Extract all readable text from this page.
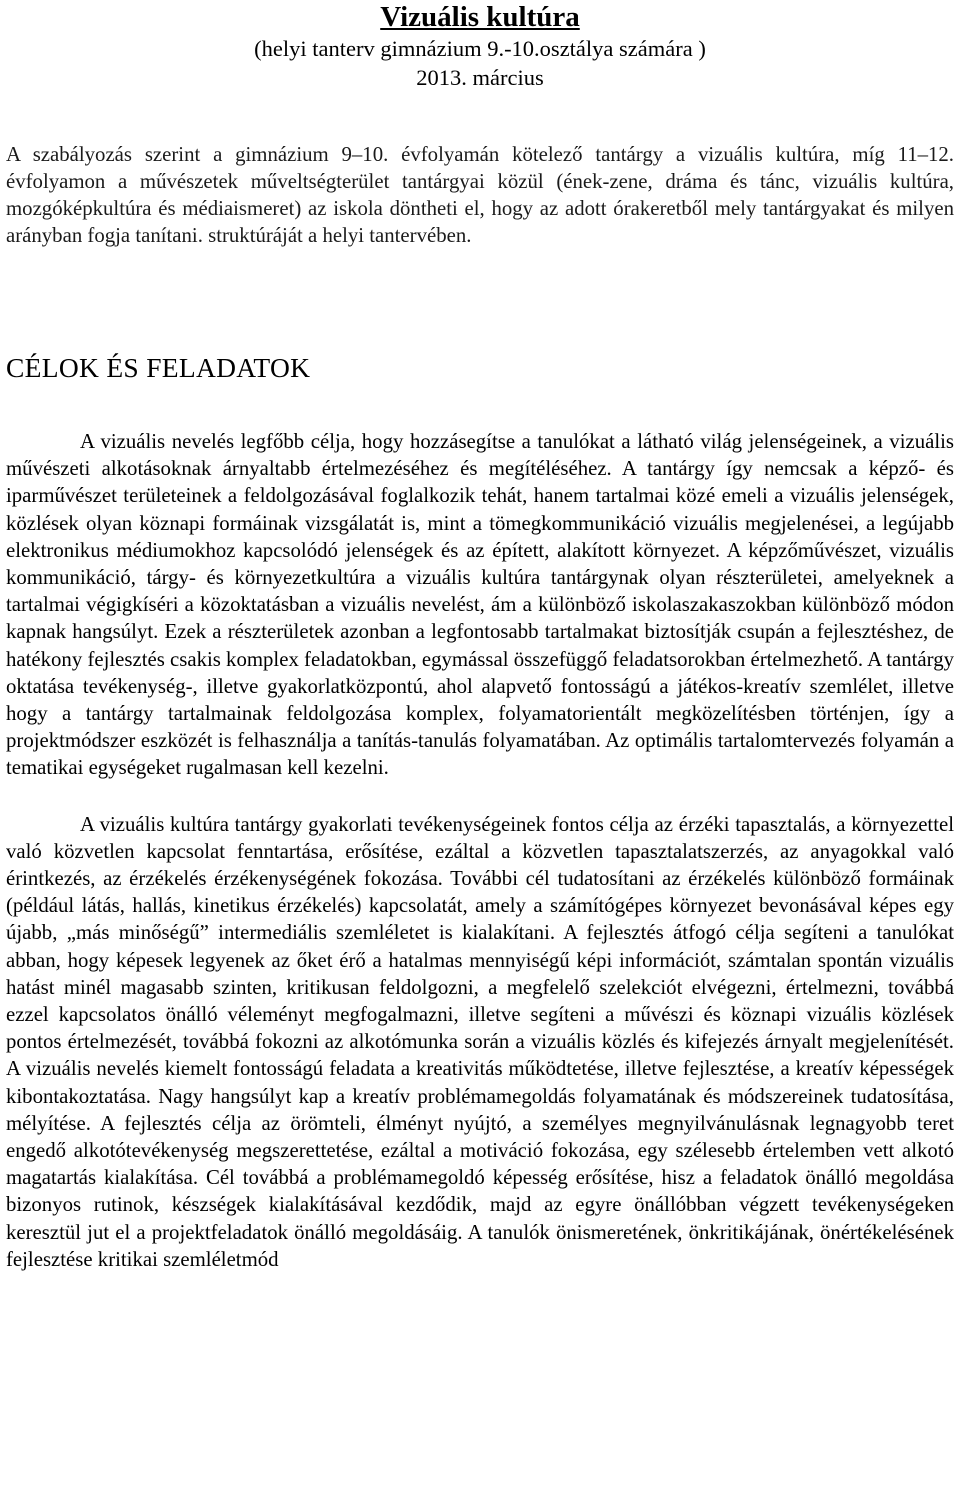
Vizuális kultúra

(helyi tanterv gimnázium 9.-10.osztálya számára )

2013. március

A szabályozás szerint a gimnázium 9–10. évfolyamán kötelező tantárgy a vizuális kultúra, míg 11–12. évfolyamon a művészetek műveltségterület tantárgyai közül (ének-zene, dráma és tánc, vizuális kultúra, mozgóképkultúra és médiaismeret) az iskola döntheti el, hogy az adott órakeretből mely tantárgyakat és milyen arányban fogja tanítani. struktúráját a helyi tantervében.

CÉLOK ÉS FELADATOK

A vizuális nevelés legfőbb célja, hogy hozzásegítse a tanulókat a látható világ jelenségeinek, a vizuális művészeti alkotásoknak árnyaltabb értelmezéséhez és megítéléséhez. A tantárgy így nemcsak a képző- és iparművészet területeinek a feldolgozásával foglalkozik tehát, hanem tartalmai közé emeli a vizuális jelenségek, közlések olyan köznapi formáinak vizsgálatát is, mint a tömegkommunikáció vizuális megjelenései, a legújabb elektronikus médiumokhoz kapcsolódó jelenségek és az épített, alakított környezet. A képzőművészet, vizuális kommunikáció, tárgy- és környezetkultúra a vizuális kultúra tantárgynak olyan részterületei, amelyeknek a tartalmai végigkíséri a közoktatásban a vizuális nevelést, ám a különböző iskolaszakaszokban különböző módon kapnak hangsúlyt. Ezek a részterületek azonban a legfontosabb tartalmakat biztosítják csupán a fejlesztéshez, de hatékony fejlesztés csakis komplex feladatokban, egymással összefüggő feladatsorokban értelmezhető. A tantárgy oktatása tevékenység-, illetve gyakorlatközpontú, ahol alapvető fontosságú a játékos-kreatív szemlélet, illetve hogy a tantárgy tartalmainak feldolgozása komplex, folyamatorientált megközelítésben történjen, így a projektmódszer eszközét is felhasználja a tanítás-tanulás folyamatában. Az optimális tartalomtervezés folyamán a tematikai egységeket rugalmasan kell kezelni.

A vizuális kultúra tantárgy gyakorlati tevékenységeinek fontos célja az érzéki tapasztalás, a környezettel való közvetlen kapcsolat fenntartása, erősítése, ezáltal a közvetlen tapasztalatszerzés, az anyagokkal való érintkezés, az érzékelés érzékenységének fokozása. További cél tudatosítani az érzékelés különböző formáinak (például látás, hallás, kinetikus érzékelés) kapcsolatát, amely a számítógépes környezet bevonásával képes egy újabb, „más minőségű” intermediális szemléletet is kialakítani. A fejlesztés átfogó célja segíteni a tanulókat abban, hogy képesek legyenek az őket érő a hatalmas mennyiségű képi információt, számtalan spontán vizuális hatást minél magasabb szinten, kritikusan feldolgozni, a megfelelő szelekciót elvégezni, értelmezni, továbbá ezzel kapcsolatos önálló véleményt megfogalmazni, illetve segíteni a művészi és köznapi vizuális közlések pontos értelmezését, továbbá fokozni az alkotómunka során a vizuális közlés és kifejezés árnyalt megjelenítését. A vizuális nevelés kiemelt fontosságú feladata a kreativitás működtetése, illetve fejlesztése, a kreatív képességek kibontakoztatása. Nagy hangsúlyt kap a kreatív problémamegoldás folyamatának és módszereinek tudatosítása, mélyítése. A fejlesztés célja az örömteli, élményt nyújtó, a személyes megnyilvánulásnak legnagyobb teret engedő alkotótevékenység megszerettetése, ezáltal a motiváció fokozása, egy szélesebb értelemben vett alkotó magatartás kialakítása. Cél továbbá a problémamegoldó képesség erősítése, hisz a feladatok önálló megoldása bizonyos rutinok, készségek kialakításával kezdődik, majd az egyre önállóbban végzett tevékenységeken keresztül jut el a projektfeladatok önálló megoldásáig. A tanulók önismeretének, önkritikájának, önértékelésének fejlesztése kritikai szemléletmód
